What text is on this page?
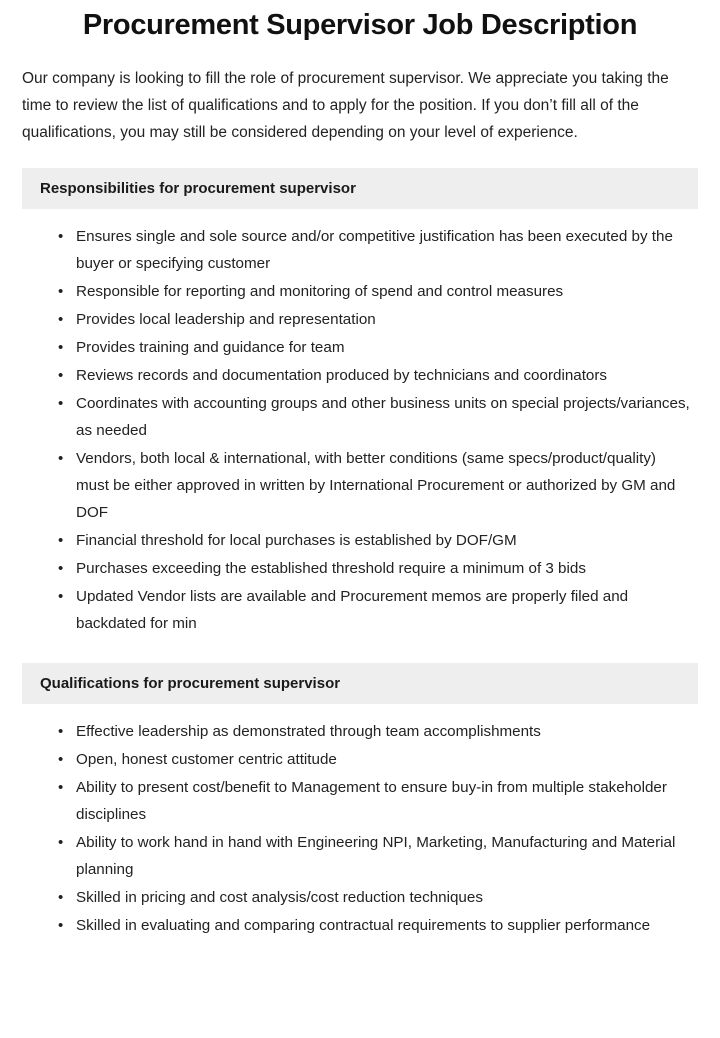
Procurement Supervisor Job Description

Our company is looking to fill the role of procurement supervisor. We appreciate you taking the time to review the list of qualifications and to apply for the position. If you don’t fill all of the qualifications, you may still be considered depending on your level of experience.

Responsibilities for procurement supervisor
• Ensures single and sole source and/or competitive justification has been executed by the buyer or specifying customer
• Responsible for reporting and monitoring of spend and control measures
• Provides local leadership and representation
• Provides training and guidance for team
• Reviews records and documentation produced by technicians and coordinators
• Coordinates with accounting groups and other business units on special projects/variances, as needed
• Vendors, both local & international, with better conditions (same specs/product/quality) must be either approved in written by International Procurement or authorized by GM and DOF
• Financial threshold for local purchases is established by DOF/GM
• Purchases exceeding the established threshold require a minimum of 3 bids
• Updated Vendor lists are available and Procurement memos are properly filed and backdated for min
Qualifications for procurement supervisor
• Effective leadership as demonstrated through team accomplishments
• Open, honest customer centric attitude
• Ability to present cost/benefit to Management to ensure buy-in from multiple stakeholder disciplines
• Ability to work hand in hand with Engineering NPI, Marketing, Manufacturing and Material planning
• Skilled in pricing and cost analysis/cost reduction techniques
• Skilled in evaluating and comparing contractual requirements to supplier performance
